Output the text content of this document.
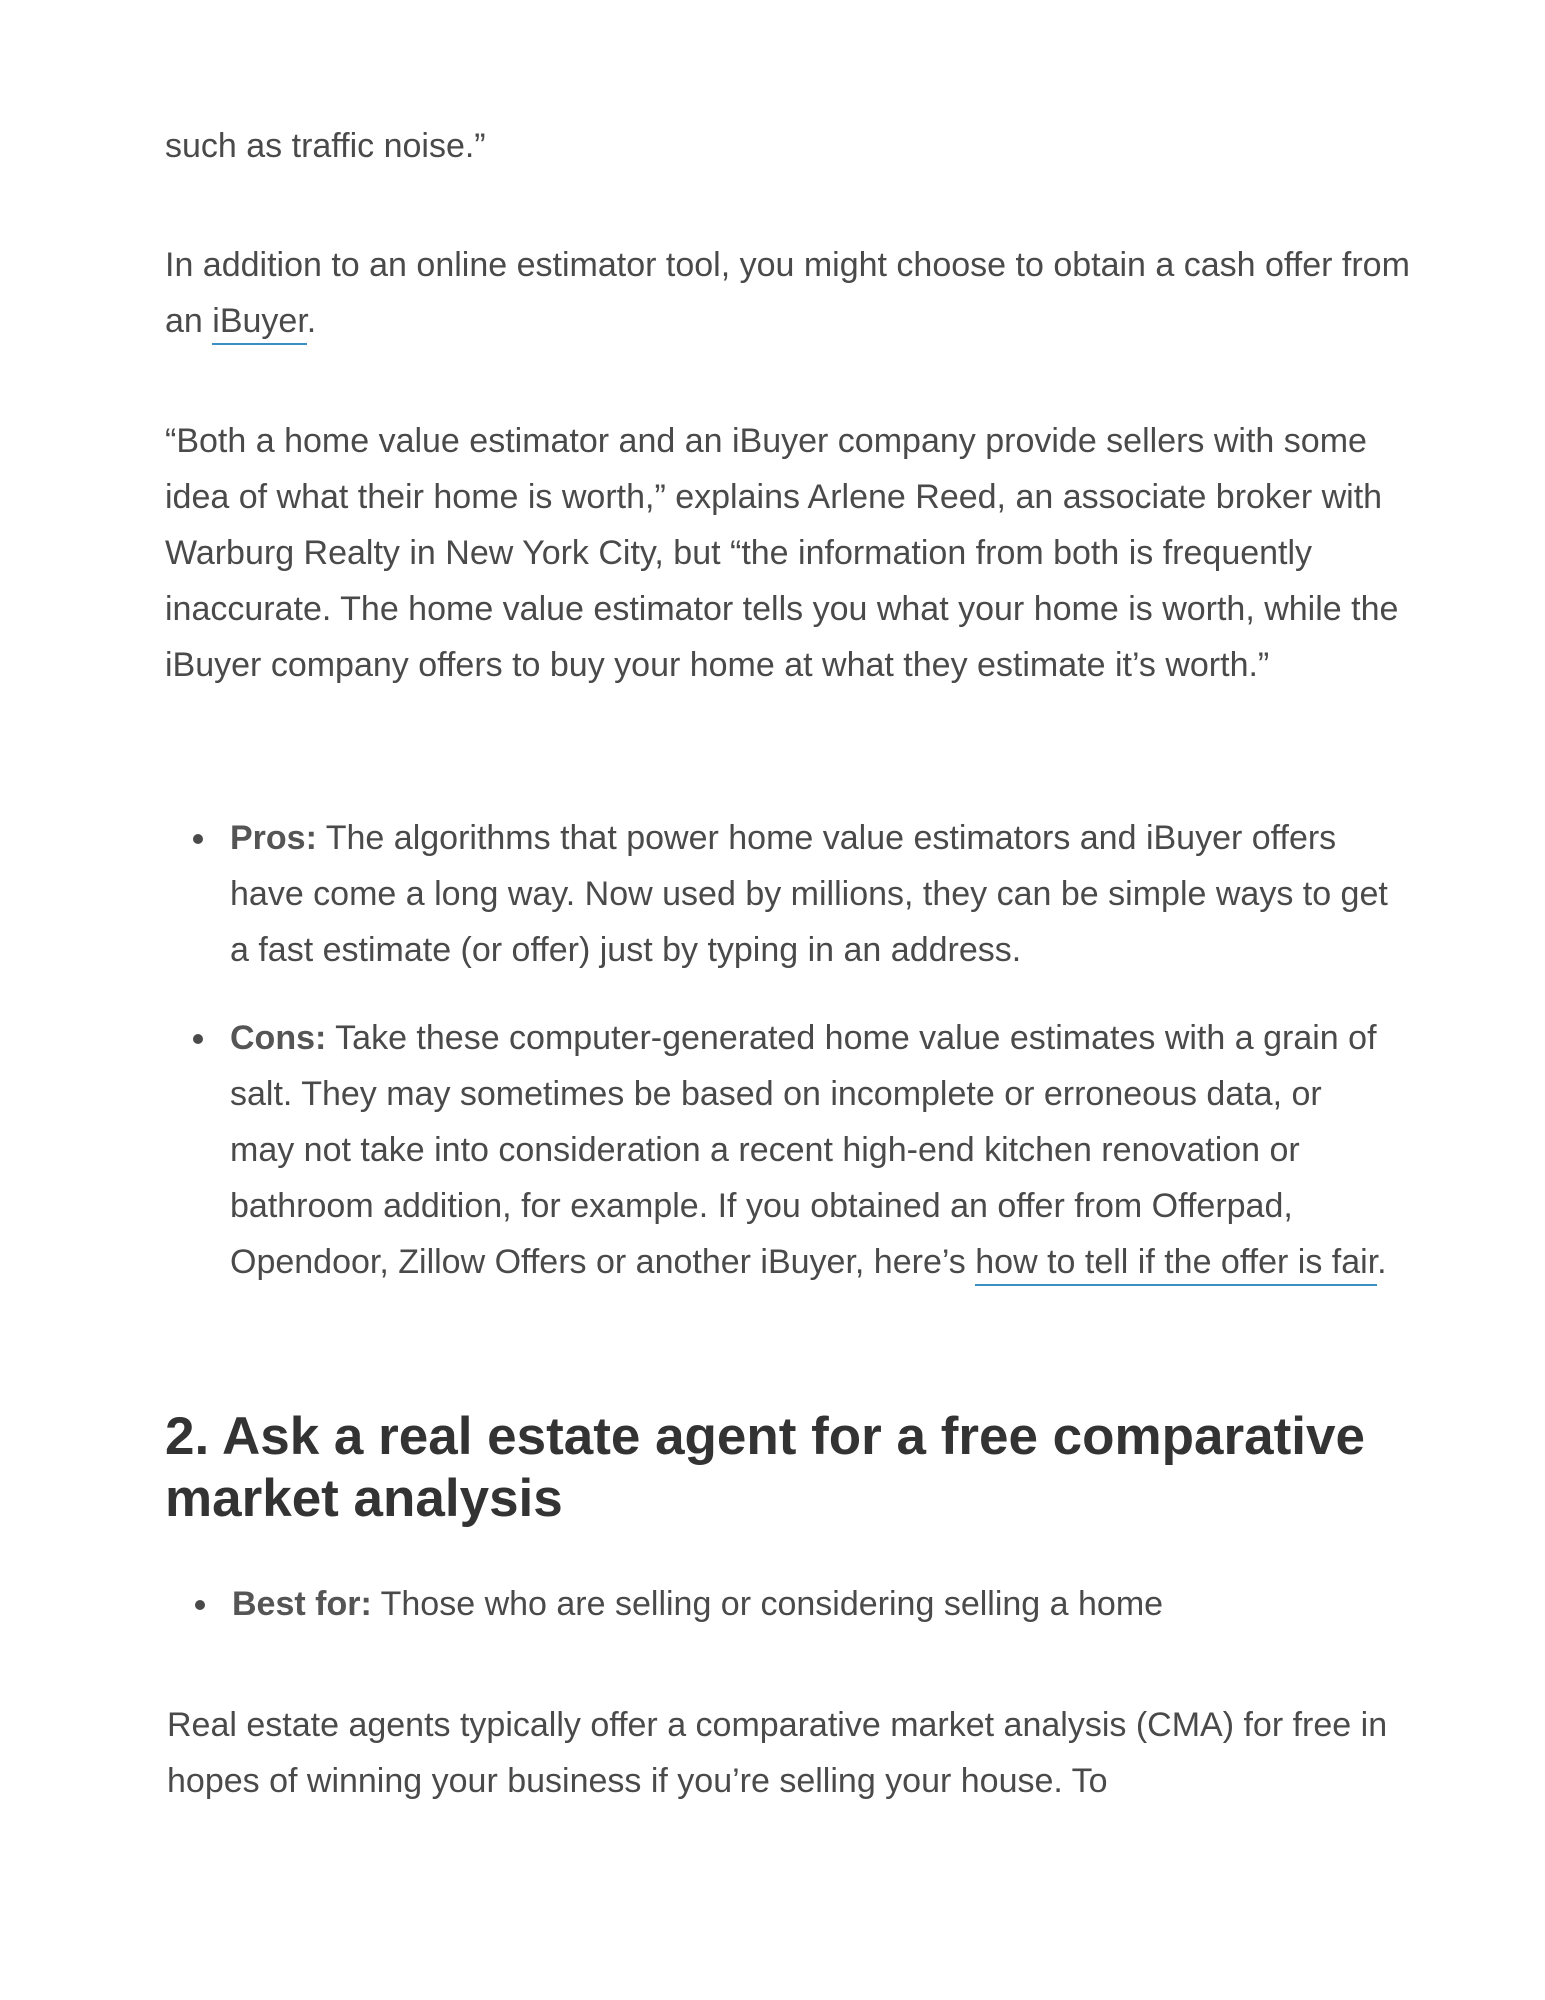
such as traffic noise.”

In addition to an online estimator tool, you might choose to obtain a cash offer from an iBuyer.

“Both a home value estimator and an iBuyer company provide sellers with some idea of what their home is worth,” explains Arlene Reed, an associate broker with Warburg Realty in New York City, but “the information from both is frequently inaccurate. The home value estimator tells you what your home is worth, while the iBuyer company offers to buy your home at what they estimate it’s worth.”

Pros: The algorithms that power home value estimators and iBuyer offers have come a long way. Now used by millions, they can be simple ways to get a fast estimate (or offer) just by typing in an address.
Cons: Take these computer-generated home value estimates with a grain of salt. They may sometimes be based on incomplete or erroneous data, or may not take into consideration a recent high-end kitchen renovation or bathroom addition, for example. If you obtained an offer from Offerpad, Opendoor, Zillow Offers or another iBuyer, here’s how to tell if the offer is fair.
2. Ask a real estate agent for a free comparative market analysis
Best for: Those who are selling or considering selling a home

Real estate agents typically offer a comparative market analysis (CMA) for free in hopes of winning your business if you’re selling your house. To
